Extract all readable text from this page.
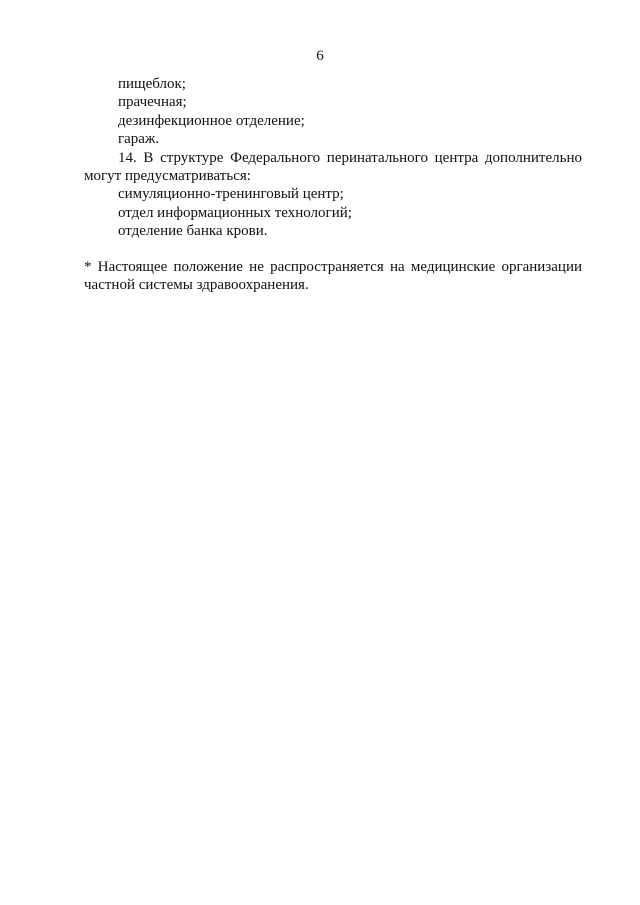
6
пищеблок;
прачечная;
дезинфекционное отделение;
гараж.
14. В структуре Федерального перинатального центра дополнительно
могут предусматриваться:
симуляционно-тренинговый центр;
отдел информационных технологий;
отделение банка крови.
* Настоящее положение не распространяется на медицинские организации
частной системы здравоохранения.
